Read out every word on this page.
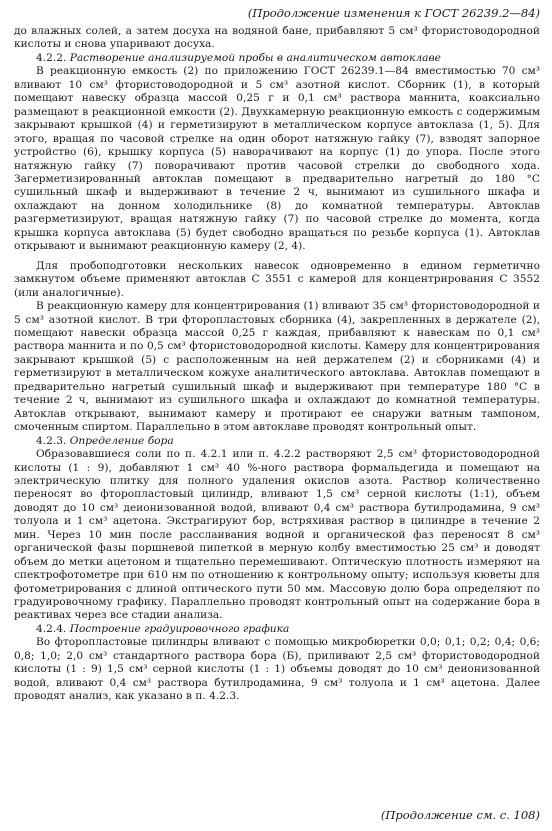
(Продолжение изменения к ГОСТ 26239.2—84)

до влажных солей, а затем досуха на водяной бане, прибавляют 5 см³ фтористоводородной кислоты и снова упаривают досуха.

4.2.2. Растворение анализируемой пробы в аналитическом автоклаве

В реакционную емкость (2) по приложению ГОСТ 26239.1—84 вместимостью 70 см³ вливают 10 см³ фтористоводородной и 5 см³ азотной кислот. Сборник (1), в который помещают навеску образца массой 0,25 г и 0,1 см³ раствора маннита, коаксиально размещают в реакционной емкости (2). Двухкамерную реакционную емкость с содержимым закрывают крышкой (4) и герметизируют в металлическом корпусе автоклаза (1, 5). Для этого, вращая по часовой стрелке на один оборот натяжную гайку (7), взводят запорное устройство (6), крышку корпуса (5) наворачивают на корпус (1) до упора. После этого натяжную гайку (7) поворачивают против часовой стрелки до свободного хода. Загерметизированный автоклав помещают в предварительно нагретый до 180 °С сушильный шкаф и выдерживают в течение 2 ч, вынимают из сушильного шкафа и охлаждают на донном холодильнике (8) до комнатной температуры. Автоклав разгерметизируют, вращая натяжную гайку (7) по часовой стрелке до момента, когда крышка корпуса автоклава (5) будет свободно вращаться по резьбе корпуса (1). Автоклав открывают и вынимают реакционную камеру (2, 4).

Для пробоподготовки нескольких навесок одновременно в едином герметично замкнутом объеме применяют автоклав С 3551 с камерой для концентрирования С 3552 (или аналогичные).

В реакционную камеру для концентрирования (1) вливают 35 см³ фтористоводородной и 5 см³ азотной кислот. В три фторопластовых сборника (4), закрепленных в держателе (2), помещают навески образца массой 0,25 г каждая, прибавляют к навескам по 0,1 см³ раствора маннита и по 0,5 см³ фтористоводородной кислоты. Камеру для концентрирования закрывают крышкой (5) с расположенным на ней держателем (2) и сборниками (4) и герметизируют в металлическом кожухе аналитического автоклава. Автоклав помещают в предварительно нагретый сушильный шкаф и выдерживают при температуре 180 °С в течение 2 ч, вынимают из сушильного шкафа и охлаждают до комнатной температуры. Автоклав открывают, вынимают камеру и протирают ее снаружи ватным тампоном, смоченным спиртом. Параллельно в этом автоклаве проводят контрольный опыт.

4.2.3. Определение бора

Образовавшиеся соли по п. 4.2.1 или п. 4.2.2 растворяют 2,5 см³ фтористоводородной кислоты (1 : 9), добавляют 1 см³ 40 %-ного раствора формальдегида и помещают на электрическую плитку для полного удаления окислов азота. Раствор количественно переносят во фторопластовый цилиндр, вливают 1,5 см³ серной кислоты (1:1), объем доводят до 10 см³ деионизованной водой, вливают 0,4 см³ раствора бутилродамина, 9 см³ толуола и 1 см³ ацетона. Экстрагируют бор, встряхивая раствор в цилиндре в течение 2 мин. Через 10 мин после расслаивания водной и органической фаз переносят 8 см³ органической фазы поршневой пипеткой в мерную колбу вместимостью 25 см³ и доводят объем до метки ацетоном и тщательно перемешивают. Оптическую плотность измеряют на спектрофотометре при 610 нм по отношению к контрольному опыту; используя кюветы для фотометрирования с длиной оптического пути 50 мм. Массовую долю бора определяют по градуировочному графику. Параллельно проводят контрольный опыт на содержание бора в реактивах через все стадии анализа.

4.2.4. Построение градуировочного графика

Во фторопластовые цилиндры вливают с помощью микробюретки 0,0; 0,1; 0,2; 0,4; 0,6; 0,8; 1,0; 2,0 см³ стандартного раствора бора (Б), приливают 2,5 см³ фтористоводородной кислоты (1 : 9) 1,5 см³ серной кислоты (1 : 1) объемы доводят до 10 см³ деионизованной водой, вливают 0,4 см³ раствора бутилродамина, 9 см³ толуола и 1 см³ ацетона. Далее проводят анализ, как указано в п. 4.2.3.

(Продолжение см. с. 108)
